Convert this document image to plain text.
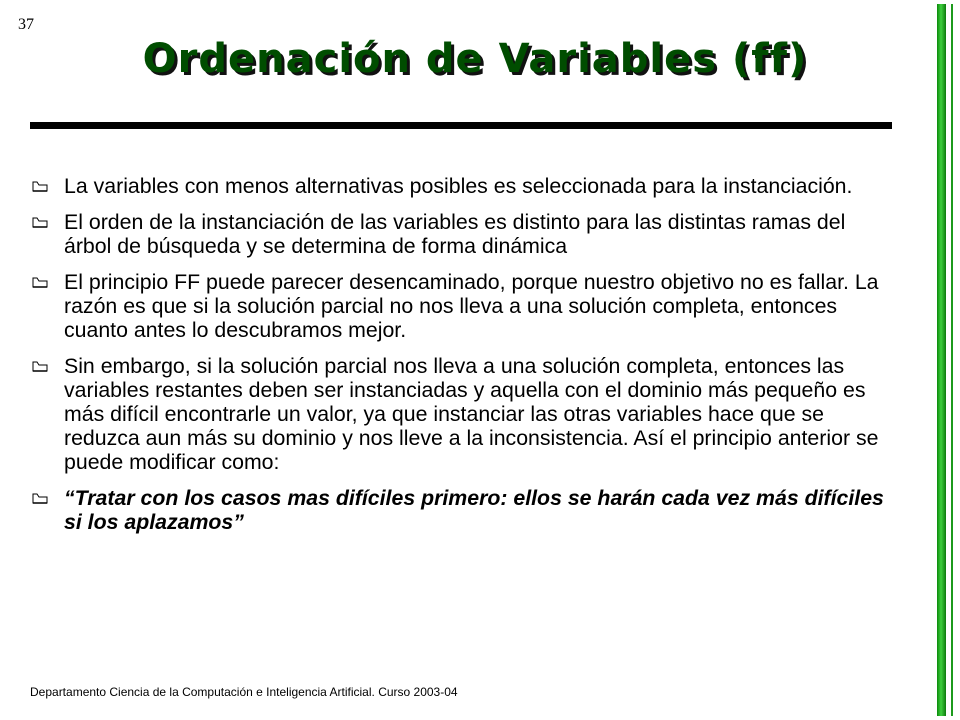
37
Ordenación de Variables (ff)
La variables con menos alternativas posibles es seleccionada para la instanciación.
El orden de la instanciación de las variables es distinto para las distintas ramas del árbol de búsqueda y se determina de forma dinámica
El principio FF puede parecer desencaminado, porque nuestro objetivo no es fallar. La razón es que si la solución parcial no nos lleva a una solución completa, entonces cuanto antes lo descubramos mejor.
Sin embargo, si la solución parcial nos lleva a una solución completa, entonces las variables restantes deben ser instanciadas y aquella con el dominio más pequeño es más difícil encontrarle un valor, ya que instanciar las otras variables hace que se reduzca aun más su dominio y nos lleve a la inconsistencia. Así el principio anterior se puede modificar como:
“Tratar con los casos mas difíciles primero: ellos se harán cada vez más difíciles si los aplazamos”
Departamento Ciencia de la Computación e Inteligencia Artificial. Curso 2003-04
